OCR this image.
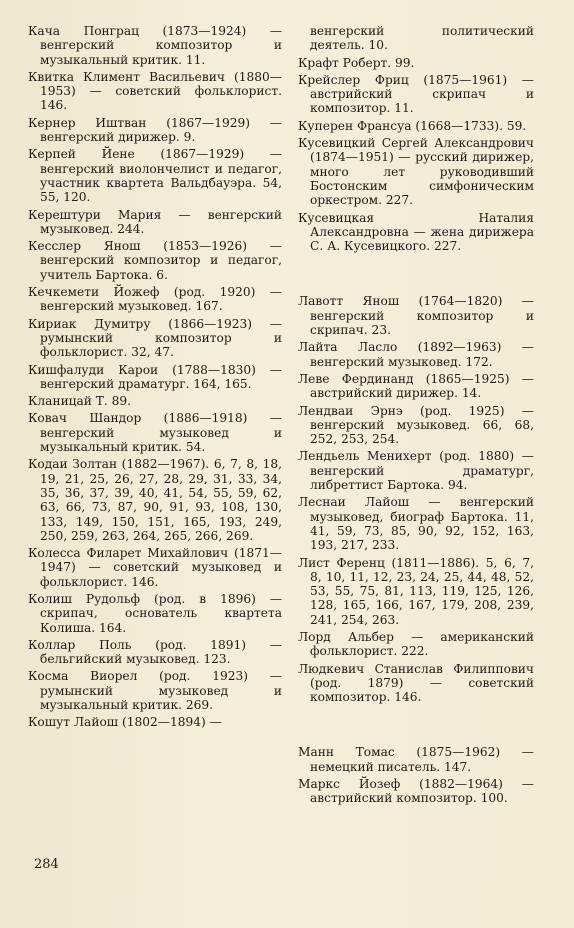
Кача Понграц (1873—1924) — венгерский композитор и музыкальный критик. 11.

Квитка Климент Васильевич (1880—1953) — советский фольклорист. 146.

Кернер Иштван (1867—1929) — венгерский дирижер. 9.

Керпей Йене (1867—1929) — венгерский виолончелист и педагог, участник квартета Вальдбауэра. 54, 55, 120.

Керештури Мария — венгерский музыковед. 244.

Кесслер Янош (1853—1926) — венгерский композитор и педагог, учитель Бартока. 6.

Кечкемети Йожеф (род. 1920) — венгерский музыковед. 167.

Кириак Думитру (1866—1923) — румынский композитор и фольклорист. 32, 47.

Кишфалуди Карои (1788—1830) — венгерский драматург. 164, 165.

Кланицай Т. 89.

Ковач Шандор (1886—1918) — венгерский музыковед и музыкальный критик. 54.

Кодаи Золтан (1882—1967). 6, 7, 8, 18, 19, 21, 25, 26, 27, 28, 29, 31, 33, 34, 35, 36, 37, 39, 40, 41, 54, 55, 59, 62, 63, 66, 73, 87, 90, 91, 93, 108, 130, 133, 149, 150, 151, 165, 193, 249, 250, 259, 263, 264, 265, 266, 269.

Колесса Филарет Михайлович (1871—1947) — советский музыковед и фольклорист. 146.

Колиш Рудольф (род. в 1896) — скрипач, основатель квартета Колиша. 164.

Коллар Поль (род. 1891) — бельгийский музыковед. 123.

Косма Виорел (род. 1923) — румынский музыковед и музыкальный критик. 269.

Кошут Лайош (1802—1894) —

венгерский политический деятель. 10.

Крафт Роберт. 99.

Крейслер Фриц (1875—1961) — австрийский скрипач и композитор. 11.

Куперен Франсуа (1668—1733). 59.

Кусевицкий Сергей Александрович (1874—1951) — русский дирижер, много лет руководивший Бостонским симфоническим оркестром. 227.

Кусевицкая Наталия Александровна — жена дирижера С. А. Кусевицкого. 227.

Лавотт Янош (1764—1820) — венгерский композитор и скрипач. 23.

Лайта Ласло (1892—1963) — венгерский музыковед. 172.

Леве Фердинанд (1865—1925) — австрийский дирижер. 14.

Лендваи Эрнэ (род. 1925) — венгерский музыковед. 66, 68, 252, 253, 254.

Лендьель Менихерт (род. 1880) — венгерский драматург, либреттист Бартока. 94.

Леснаи Лайош — венгерский музыковед, биограф Бартока. 11, 41, 59, 73, 85, 90, 92, 152, 163, 193, 217, 233.

Лист Ференц (1811—1886). 5, 6, 7, 8, 10, 11, 12, 23, 24, 25, 44, 48, 52, 53, 55, 75, 81, 113, 119, 125, 126, 128, 165, 166, 167, 179, 208, 239, 241, 254, 263.

Лорд Альбер — американский фольклорист. 222.

Людкевич Станислав Филиппович (род. 1879) — советский композитор. 146.

Манн Томас (1875—1962) — немецкий писатель. 147.

Маркс Йозеф (1882—1964) — австрийский композитор. 100.

284
